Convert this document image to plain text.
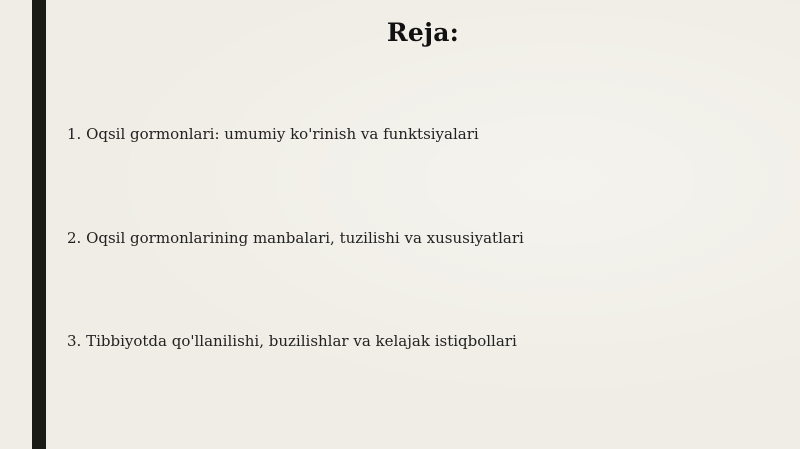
Reja:
1. Oqsil gormonlari: umumiy ko'rinish va funktsiyalari
2. Oqsil gormonlarining manbalari, tuzilishi va xususiyatlari
3. Tibbiyotda qo'llanilishi, buzilishlar va kelajak istiqbollari
